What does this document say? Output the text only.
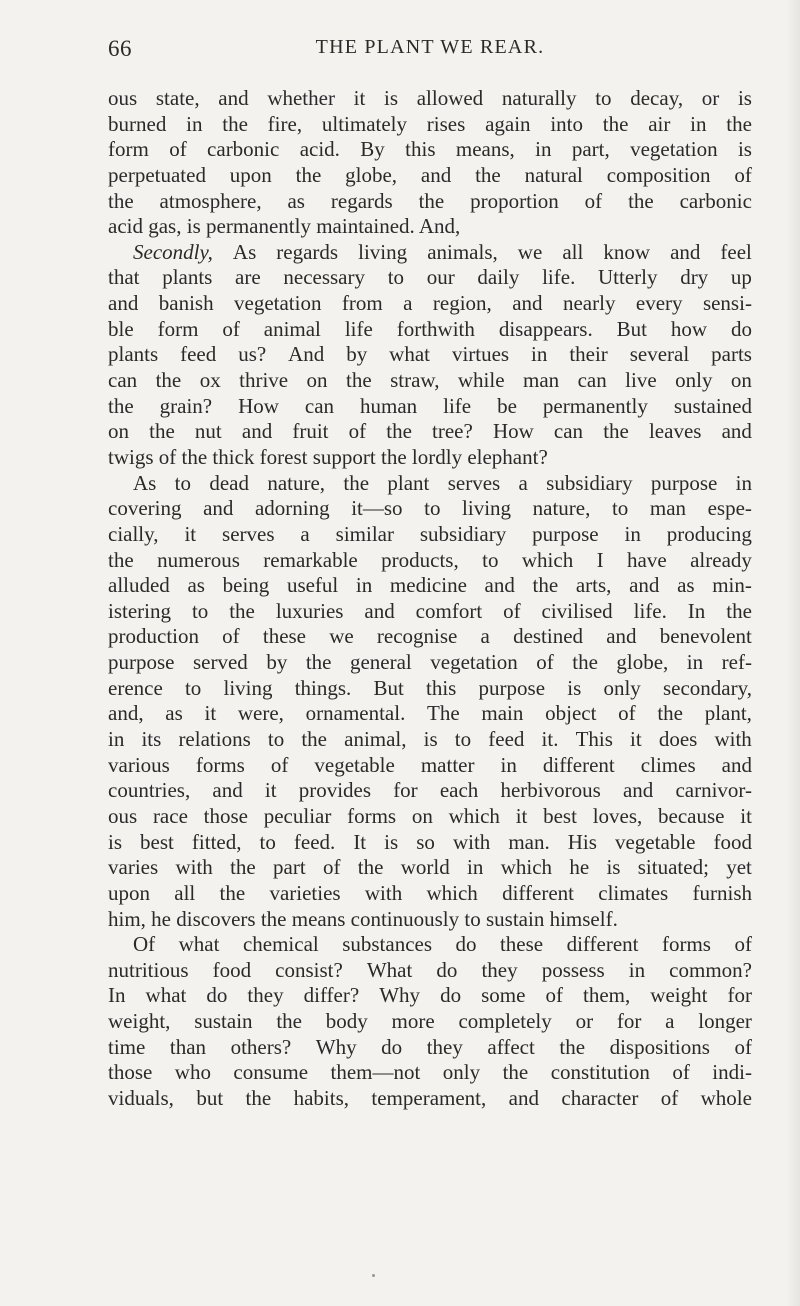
66	THE PLANT WE REAR.
ous state, and whether it is allowed naturally to decay, or is
burned in the fire, ultimately rises again into the air in the
form of carbonic acid. By this means, in part, vegetation is
perpetuated upon the globe, and the natural composition of
the atmosphere, as regards the proportion of the carbonic
acid gas, is permanently maintained. And,
Secondly, As regards living animals, we all know and feel
that plants are necessary to our daily life. Utterly dry up
and banish vegetation from a region, and nearly every sensi-
ble form of animal life forthwith disappears. But how do
plants feed us? And by what virtues in their several parts
can the ox thrive on the straw, while man can live only on
the grain? How can human life be permanently sustained
on the nut and fruit of the tree? How can the leaves and
twigs of the thick forest support the lordly elephant?
As to dead nature, the plant serves a subsidiary purpose in
covering and adorning it—so to living nature, to man espe-
cially, it serves a similar subsidiary purpose in producing
the numerous remarkable products, to which I have already
alluded as being useful in medicine and the arts, and as min-
istering to the luxuries and comfort of civilised life. In the
production of these we recognise a destined and benevolent
purpose served by the general vegetation of the globe, in ref-
erence to living things. But this purpose is only secondary,
and, as it were, ornamental. The main object of the plant,
in its relations to the animal, is to feed it. This it does with
various forms of vegetable matter in different climes and
countries, and it provides for each herbivorous and carnivor-
ous race those peculiar forms on which it best loves, because it
is best fitted, to feed. It is so with man. His vegetable food
varies with the part of the world in which he is situated; yet
upon all the varieties with which different climates furnish
him, he discovers the means continuously to sustain himself.
Of what chemical substances do these different forms of
nutritious food consist? What do they possess in common?
In what do they differ? Why do some of them, weight for
weight, sustain the body more completely or for a longer
time than others? Why do they affect the dispositions of
those who consume them—not only the constitution of indi-
viduals, but the habits, temperament, and character of whole
